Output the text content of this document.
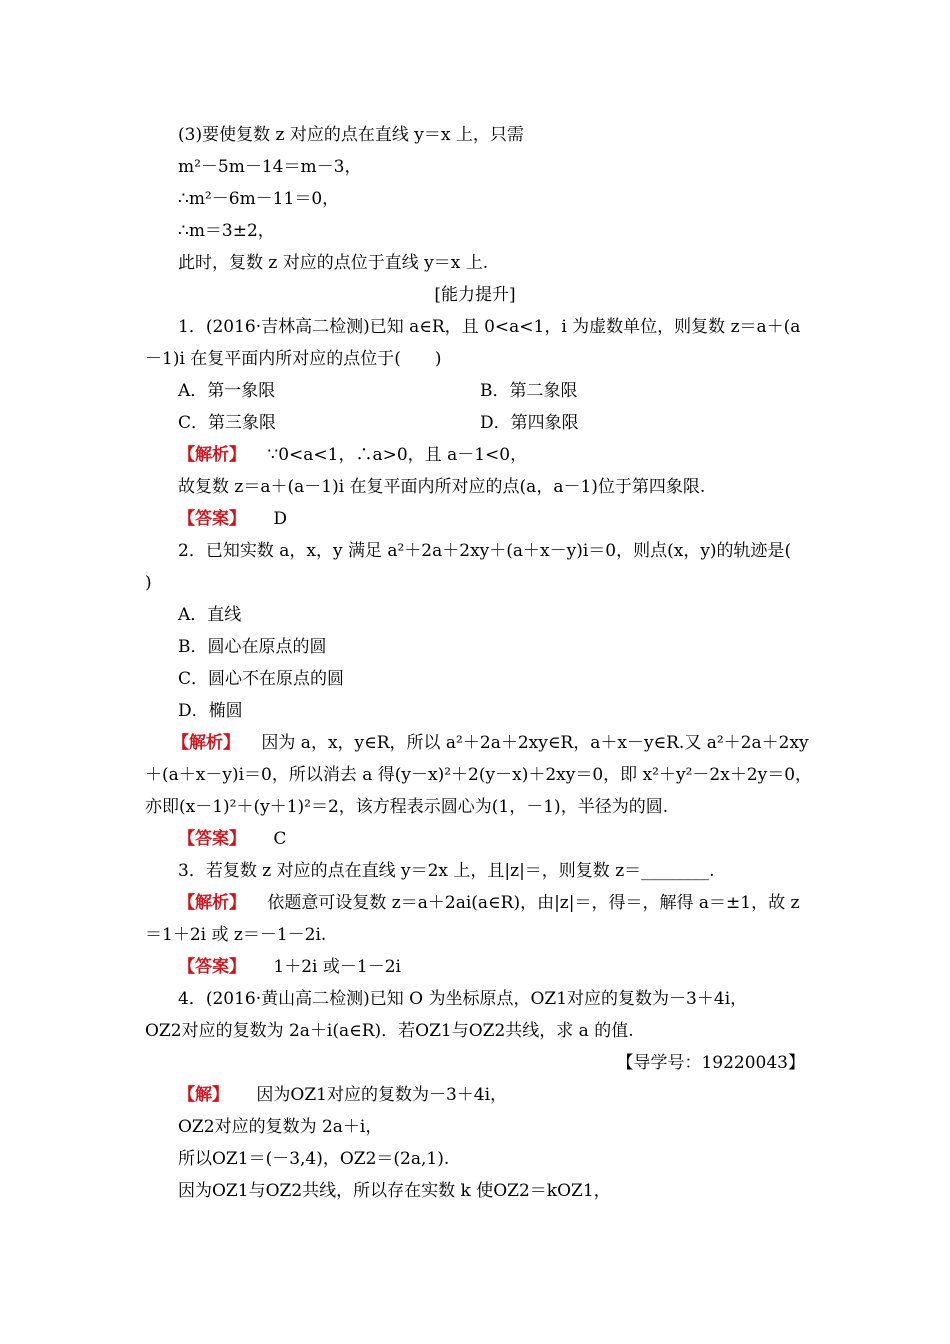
(3)要使复数 z 对应的点在直线 y＝x 上，只需
m²－5m－14＝m－3，
∴m²－6m－11＝0，
∴m＝3±2，
此时，复数 z 对应的点位于直线 y＝x 上.
[能力提升]
1．(2016·吉林高二检测)已知 a∈R，且 0<a<1，i 为虚数单位，则复数 z＝a＋(a
－1)i 在复平面内所对应的点位于(　　)
A．第一象限	B．第二象限
C．第三象限	D．第四象限
【解析】 ∵0<a<1，∴a>0，且 a－1<0，
故复数 z＝a＋(a－1)i 在复平面内所对应的点(a，a－1)位于第四象限.
【答案】 D
2．已知实数 a，x，y 满足 a²＋2a＋2xy＋(a＋x－y)i＝0，则点(x，y)的轨迹是(
)
A．直线
B．圆心在原点的圆
C．圆心不在原点的圆
D．椭圆
【解析】 因为 a，x，y∈R，所以 a²＋2a＋2xy∈R，a＋x－y∈R.又 a²＋2a＋2xy
＋(a＋x－y)i＝0，所以消去 a 得(y－x)²＋2(y－x)＋2xy＝0，即 x²＋y²－2x＋2y＝0，
亦即(x－1)²＋(y＋1)²＝2，该方程表示圆心为(1，－1)，半径为的圆.
【答案】 C
3．若复数 z 对应的点在直线 y＝2x 上，且|z|＝，则复数 z＝________.
【解析】 依题意可设复数 z＝a＋2ai(a∈R)，由|z|＝，得＝，解得 a＝±1，故 z
＝1＋2i 或 z＝－1－2i.
【答案】 1＋2i 或－1－2i
4．(2016·黄山高二检测)已知 O 为坐标原点，OZ1对应的复数为－3＋4i，
OZ2对应的复数为 2a＋i(a∈R)．若OZ1与OZ2共线，求 a 的值.
【导学号：19220043】
【解】 因为OZ1对应的复数为－3＋4i，
OZ2对应的复数为 2a＋i，
所以OZ1＝(－3,4)，OZ2＝(2a,1).
因为OZ1与OZ2共线，所以存在实数 k 使OZ2＝kOZ1，
